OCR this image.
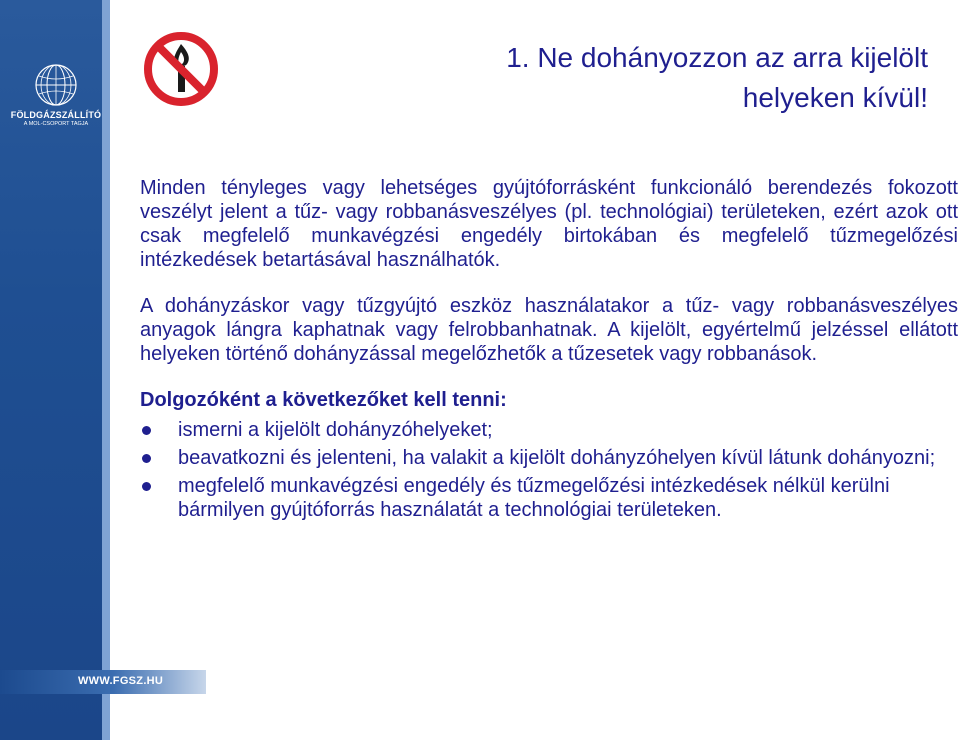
FÖLDGÁZSZÁLLÍTÓ
A MOL-CSOPORT TAGJA
WWW.FGSZ.HU
1. Ne dohányozzon az arra kijelölt
helyeken kívül!

Minden tényleges vagy lehetséges gyújtóforrásként funkcionáló berendezés fokozott veszélyt jelent a tűz- vagy robbanásveszélyes (pl. technológiai) területeken, ezért azok ott csak megfelelő munkavégzési engedély birtokában és megfelelő tűzmegelőzési intézkedések betartásával használhatók.

A dohányzáskor vagy tűzgyújtó eszköz használatakor a tűz- vagy robbanásveszélyes anyagok lángra kaphatnak vagy felrobbanhatnak. A kijelölt, egyértelmű jelzéssel ellátott helyeken történő dohányzással megelőzhetők a tűzesetek vagy robbanások.

Dolgozóként a következőket kell tenni:
ismerni a kijelölt dohányzóhelyeket;
beavatkozni és jelenteni, ha valakit a kijelölt dohányzóhelyen kívül látunk dohányozni;
megfelelő munkavégzési engedély és tűzmegelőzési intézkedések nélkül kerülni bármilyen gyújtóforrás használatát a technológiai területeken.
